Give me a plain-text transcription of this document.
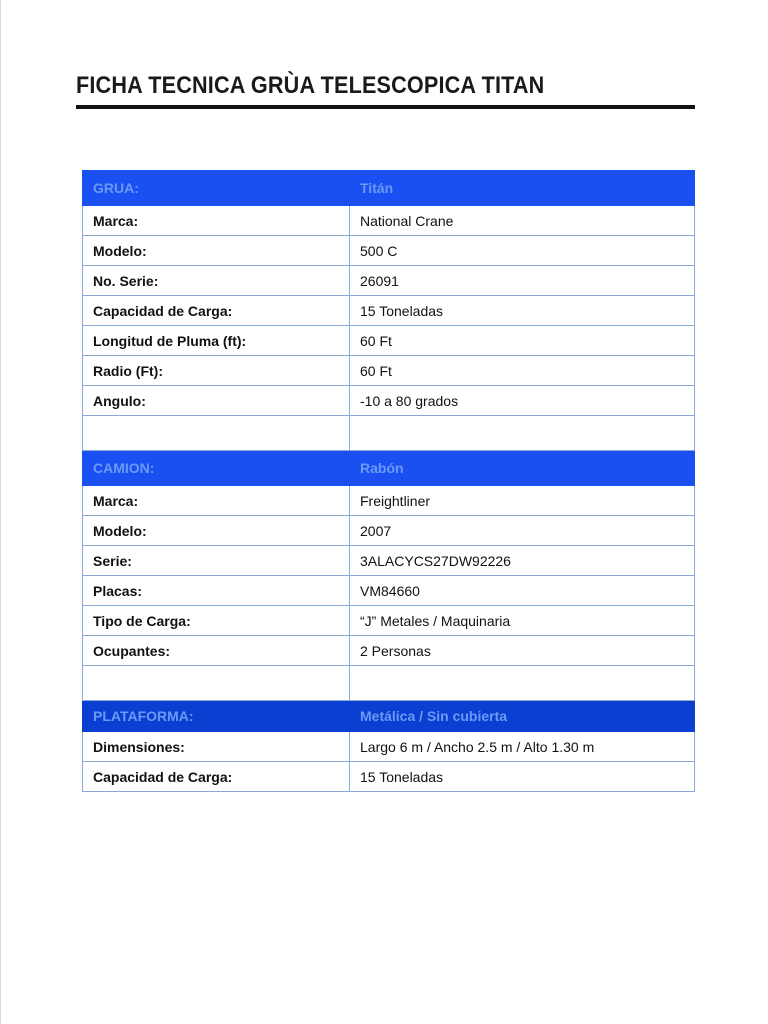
FICHA TECNICA GRÙA TELESCOPICA TITAN
GRUA:	Titán
Marca:	National Crane
Modelo:	500 C
No. Serie:	26091
Capacidad de Carga:	15 Toneladas
Longitud de Pluma (ft):	60 Ft
Radio (Ft):	60 Ft
Angulo:	-10 a 80 grados

CAMION:	Rabón
Marca:	Freightliner
Modelo:	2007
Serie:	3ALACYCS27DW92226
Placas:	VM84660
Tipo de Carga:	“J” Metales / Maquinaria
Ocupantes:	2 Personas

PLATAFORMA:	Metálica / Sin cubierta
Dimensiones:	Largo 6 m / Ancho 2.5 m / Alto 1.30 m
Capacidad de Carga:	15 Toneladas
